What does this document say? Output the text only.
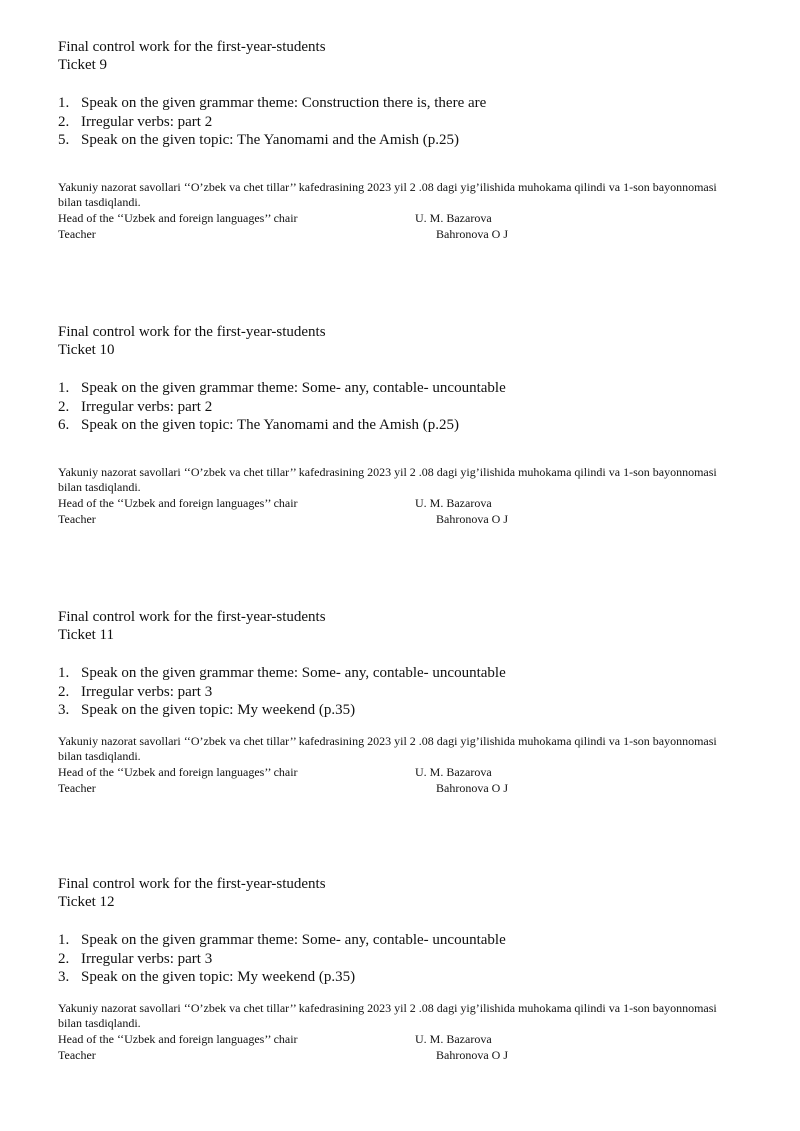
Final control work for the first-year-students

Ticket 9

1. Speak on the given grammar theme: Construction there is, there are
2. Irregular verbs: part 2
5. Speak on the given topic: The Yanomami and the Amish (p.25)

Yakuniy nazorat savollari ‘‘O’zbek va chet tillar’’ kafedrasining 2023 yil 2 .08 dagi yig’ilishida muhokama qilindi va 1-son bayonnomasi bilan tasdiqlandi.

Head of the ‘‘Uzbek and foreign languages’’ chair	U. M. Bazarova
Teacher	Bahronova O J

Final control work for the first-year-students

Ticket 10

1. Speak on the given grammar theme: Some- any, contable- uncountable
2. Irregular verbs: part 2
6. Speak on the given topic: The Yanomami and the Amish (p.25)

Yakuniy nazorat savollari ‘‘O’zbek va chet tillar’’ kafedrasining 2023 yil 2 .08 dagi yig’ilishida muhokama qilindi va 1-son bayonnomasi bilan tasdiqlandi.

Head of the ‘‘Uzbek and foreign languages’’ chair	U. M. Bazarova
Teacher	Bahronova O J

Final control work for the first-year-students

Ticket 11

1. Speak on the given grammar theme: Some- any, contable- uncountable
2. Irregular verbs: part 3
3. Speak on the given topic: My weekend (p.35)

Yakuniy nazorat savollari ‘‘O’zbek va chet tillar’’ kafedrasining 2023 yil 2 .08 dagi yig’ilishida muhokama qilindi va 1-son bayonnomasi bilan tasdiqlandi.

Head of the ‘‘Uzbek and foreign languages’’ chair	U. M. Bazarova
Teacher	Bahronova O J

Final control work for the first-year-students

Ticket 12

1. Speak on the given grammar theme: Some- any, contable- uncountable
2. Irregular verbs: part 3
3. Speak on the given topic: My weekend (p.35)

Yakuniy nazorat savollari ‘‘O’zbek va chet tillar’’ kafedrasining 2023 yil 2 .08 dagi yig’ilishida muhokama qilindi va 1-son bayonnomasi bilan tasdiqlandi.

Head of the ‘‘Uzbek and foreign languages’’ chair	U. M. Bazarova
Teacher	Bahronova O J
